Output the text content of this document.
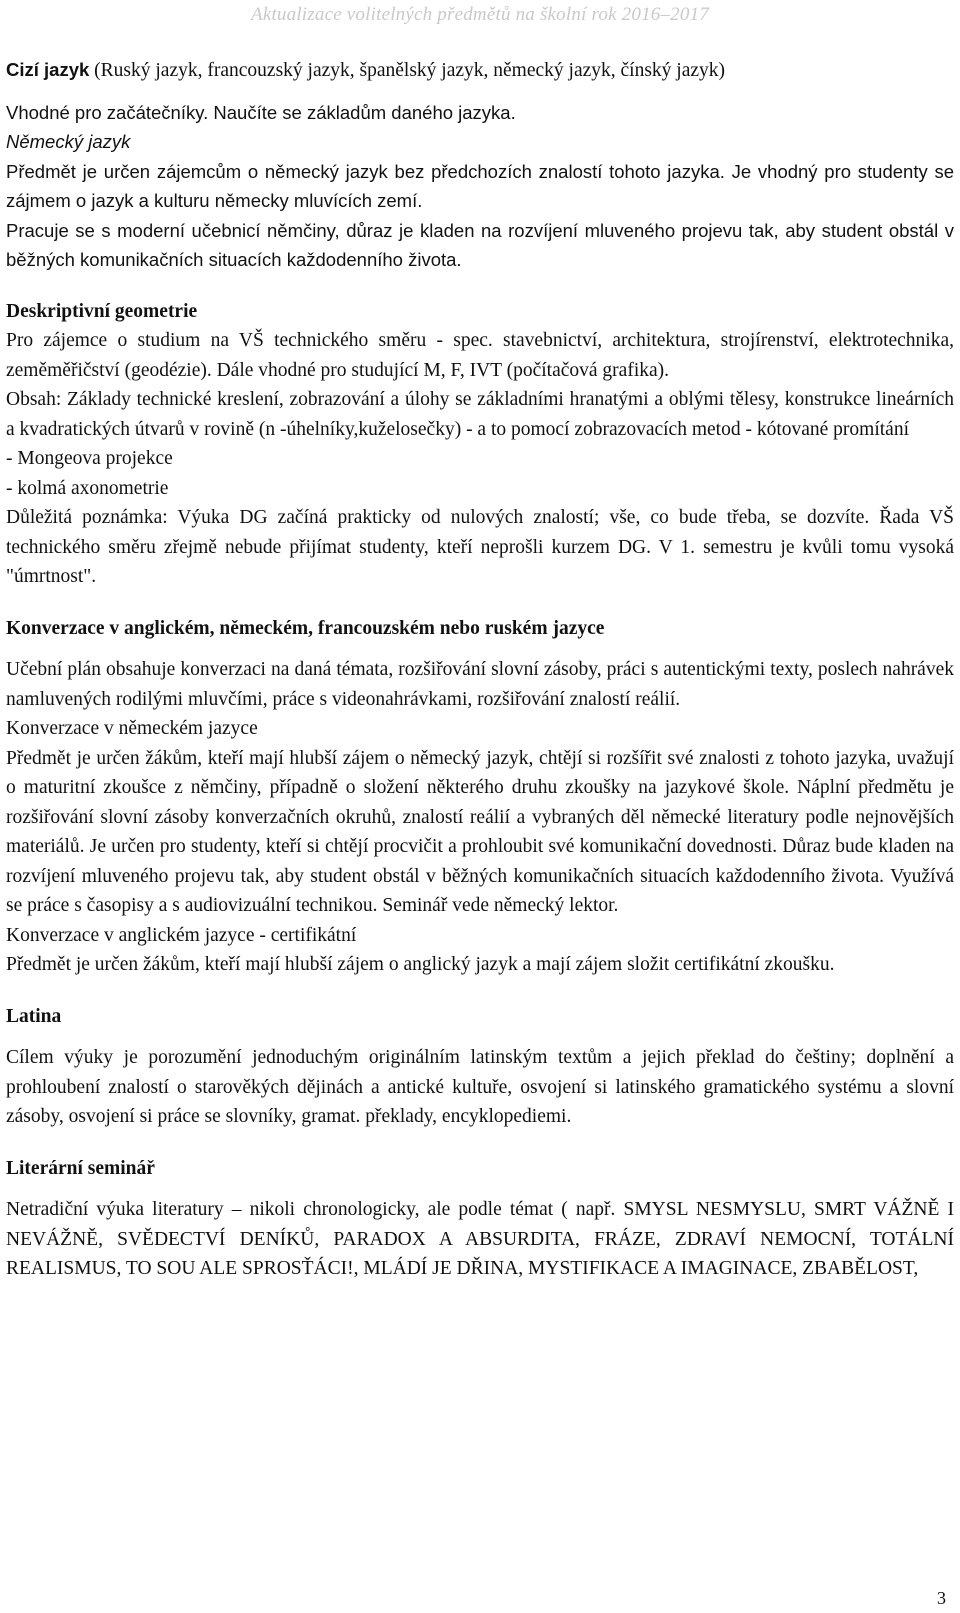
Aktualizace volitelných předmětů na školní rok 2016–2017

Cizí jazyk (Ruský jazyk, francouzský jazyk, španělský jazyk, německý jazyk, čínský jazyk)

Vhodné pro začátečníky. Naučíte se základům daného jazyka.

Německý jazyk

Předmět je určen zájemcům o německý jazyk bez předchozích znalostí tohoto jazyka. Je vhodný pro studenty se zájmem o jazyk a kulturu německy mluvících zemí.

Pracuje se s moderní učebnicí němčiny, důraz je kladen na rozvíjení mluveného projevu tak, aby student obstál v běžných komunikačních situacích každodenního života.

Deskriptivní geometrie

Pro zájemce o studium na VŠ technického směru - spec. stavebnictví, architektura, strojírenství, elektrotechnika, zeměměřičství (geodézie). Dále vhodné pro studující M, F, IVT (počítačová grafika).

Obsah: Základy technické kreslení, zobrazování a úlohy se základními hranatými a oblými tělesy, konstrukce lineárních a kvadratických útvarů v rovině (n -úhelníky,kuželosečky) - a to pomocí zobrazovacích metod - kótované promítání

- Mongeova projekce

- kolmá axonometrie

Důležitá poznámka: Výuka DG začíná prakticky od nulových znalostí; vše, co bude třeba, se dozvíte. Řada VŠ technického směru zřejmě nebude přijímat studenty, kteří neprošli kurzem DG. V 1. semestru je kvůli tomu vysoká "úmrtnost".

Konverzace v anglickém, německém, francouzském nebo ruském jazyce

Učební plán obsahuje konverzaci na daná témata, rozšiřování slovní zásoby, práci s autentickými texty, poslech nahrávek namluvených rodilými mluvčími, práce s videonahrávkami, rozšiřování znalostí reálií.

Konverzace v německém jazyce

Předmět je určen žákům, kteří mají hlubší zájem o německý jazyk, chtějí si rozšířit své znalosti z tohoto jazyka, uvažují o maturitní zkoušce z němčiny, případně o složení některého druhu zkoušky na jazykové škole. Náplní předmětu je rozšiřování slovní zásoby konverzačních okruhů, znalostí reálií a vybraných děl německé literatury podle nejnovějších materiálů. Je určen pro studenty, kteří si chtějí procvičit a prohloubit své komunikační dovednosti. Důraz bude kladen na rozvíjení mluveného projevu tak, aby student obstál v běžných komunikačních situacích každodenního života. Využívá se práce s časopisy a s audiovizuální technikou. Seminář vede německý lektor.

Konverzace v anglickém jazyce - certifikátní

Předmět je určen žákům, kteří mají hlubší zájem o anglický jazyk a mají zájem složit certifikátní zkoušku.

Latina

Cílem výuky je porozumění jednoduchým originálním latinským textům a jejich překlad do češtiny; doplnění a prohloubení znalostí o starověkých dějinách a antické kultuře, osvojení si latinského gramatického systému a slovní zásoby, osvojení si práce se slovníky, gramat. překlady, encyklopediemi.

Literární seminář

Netradiční výuka literatury – nikoli chronologicky, ale podle témat ( např. SMYSL NESMYSLU, SMRT VÁŽNĚ I NEVÁŽNĚ, SVĚDECTVÍ DENÍKŮ, PARADOX A ABSURDITA, FRÁZE, ZDRAVÍ NEMOCNÍ, TOTÁLNÍ REALISMUS, TO SOU ALE SPROSŤÁCI!, MLÁDÍ JE DŘINA, MYSTIFIKACE A IMAGINACE, ZBABĚLOST,

3
